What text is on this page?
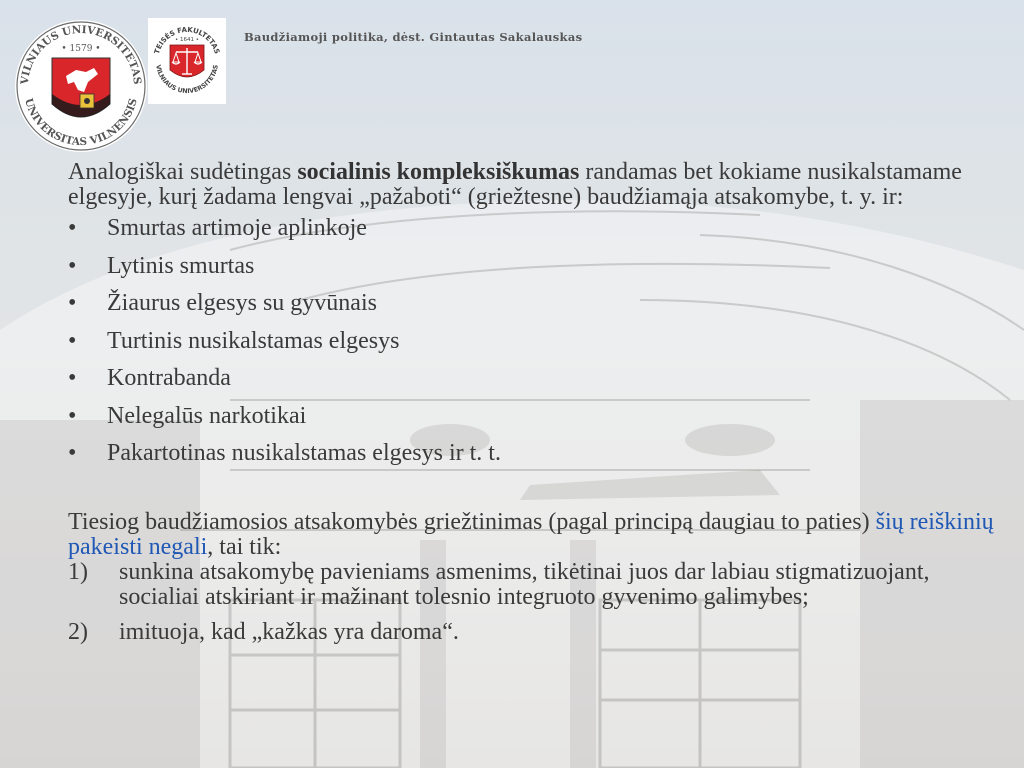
VILNIAUS UNIVERSITETAS
UNIVERSITAS VILNENSIS
• 1579 •	TEISĖS FAKULTETAS
VILNIAUS UNIVERSITETAS
• 1641 •	Baudžiamoji politika, dėst. Gintautas Sakalauskas

Analogiškai sudėtingas socialinis kompleksiškumas randamas bet kokiame nusikalstamame elgesyje, kurį žadama lengvai „pažaboti“ (griežtesne) baudžiamąja atsakomybe, t. y. ir:

• Smurtas artimoje aplinkoje
• Lytinis smurtas
• Žiaurus elgesys su gyvūnais
• Turtinis nusikalstamas elgesys
• Kontrabanda
• Nelegalūs narkotikai
• Pakartotinas nusikalstamas elgesys ir t. t.

Tiesiog baudžiamosios atsakomybės griežtinimas (pagal principą daugiau to paties) šių reiškinių pakeisti negali, tai tik:

1) sunkina atsakomybę pavieniams asmenims, tikėtinai juos dar labiau stigmatizuojant, socialiai atskiriant ir mažinant tolesnio integruoto gyvenimo galimybes;
2) imituoja, kad „kažkas yra daroma“.
